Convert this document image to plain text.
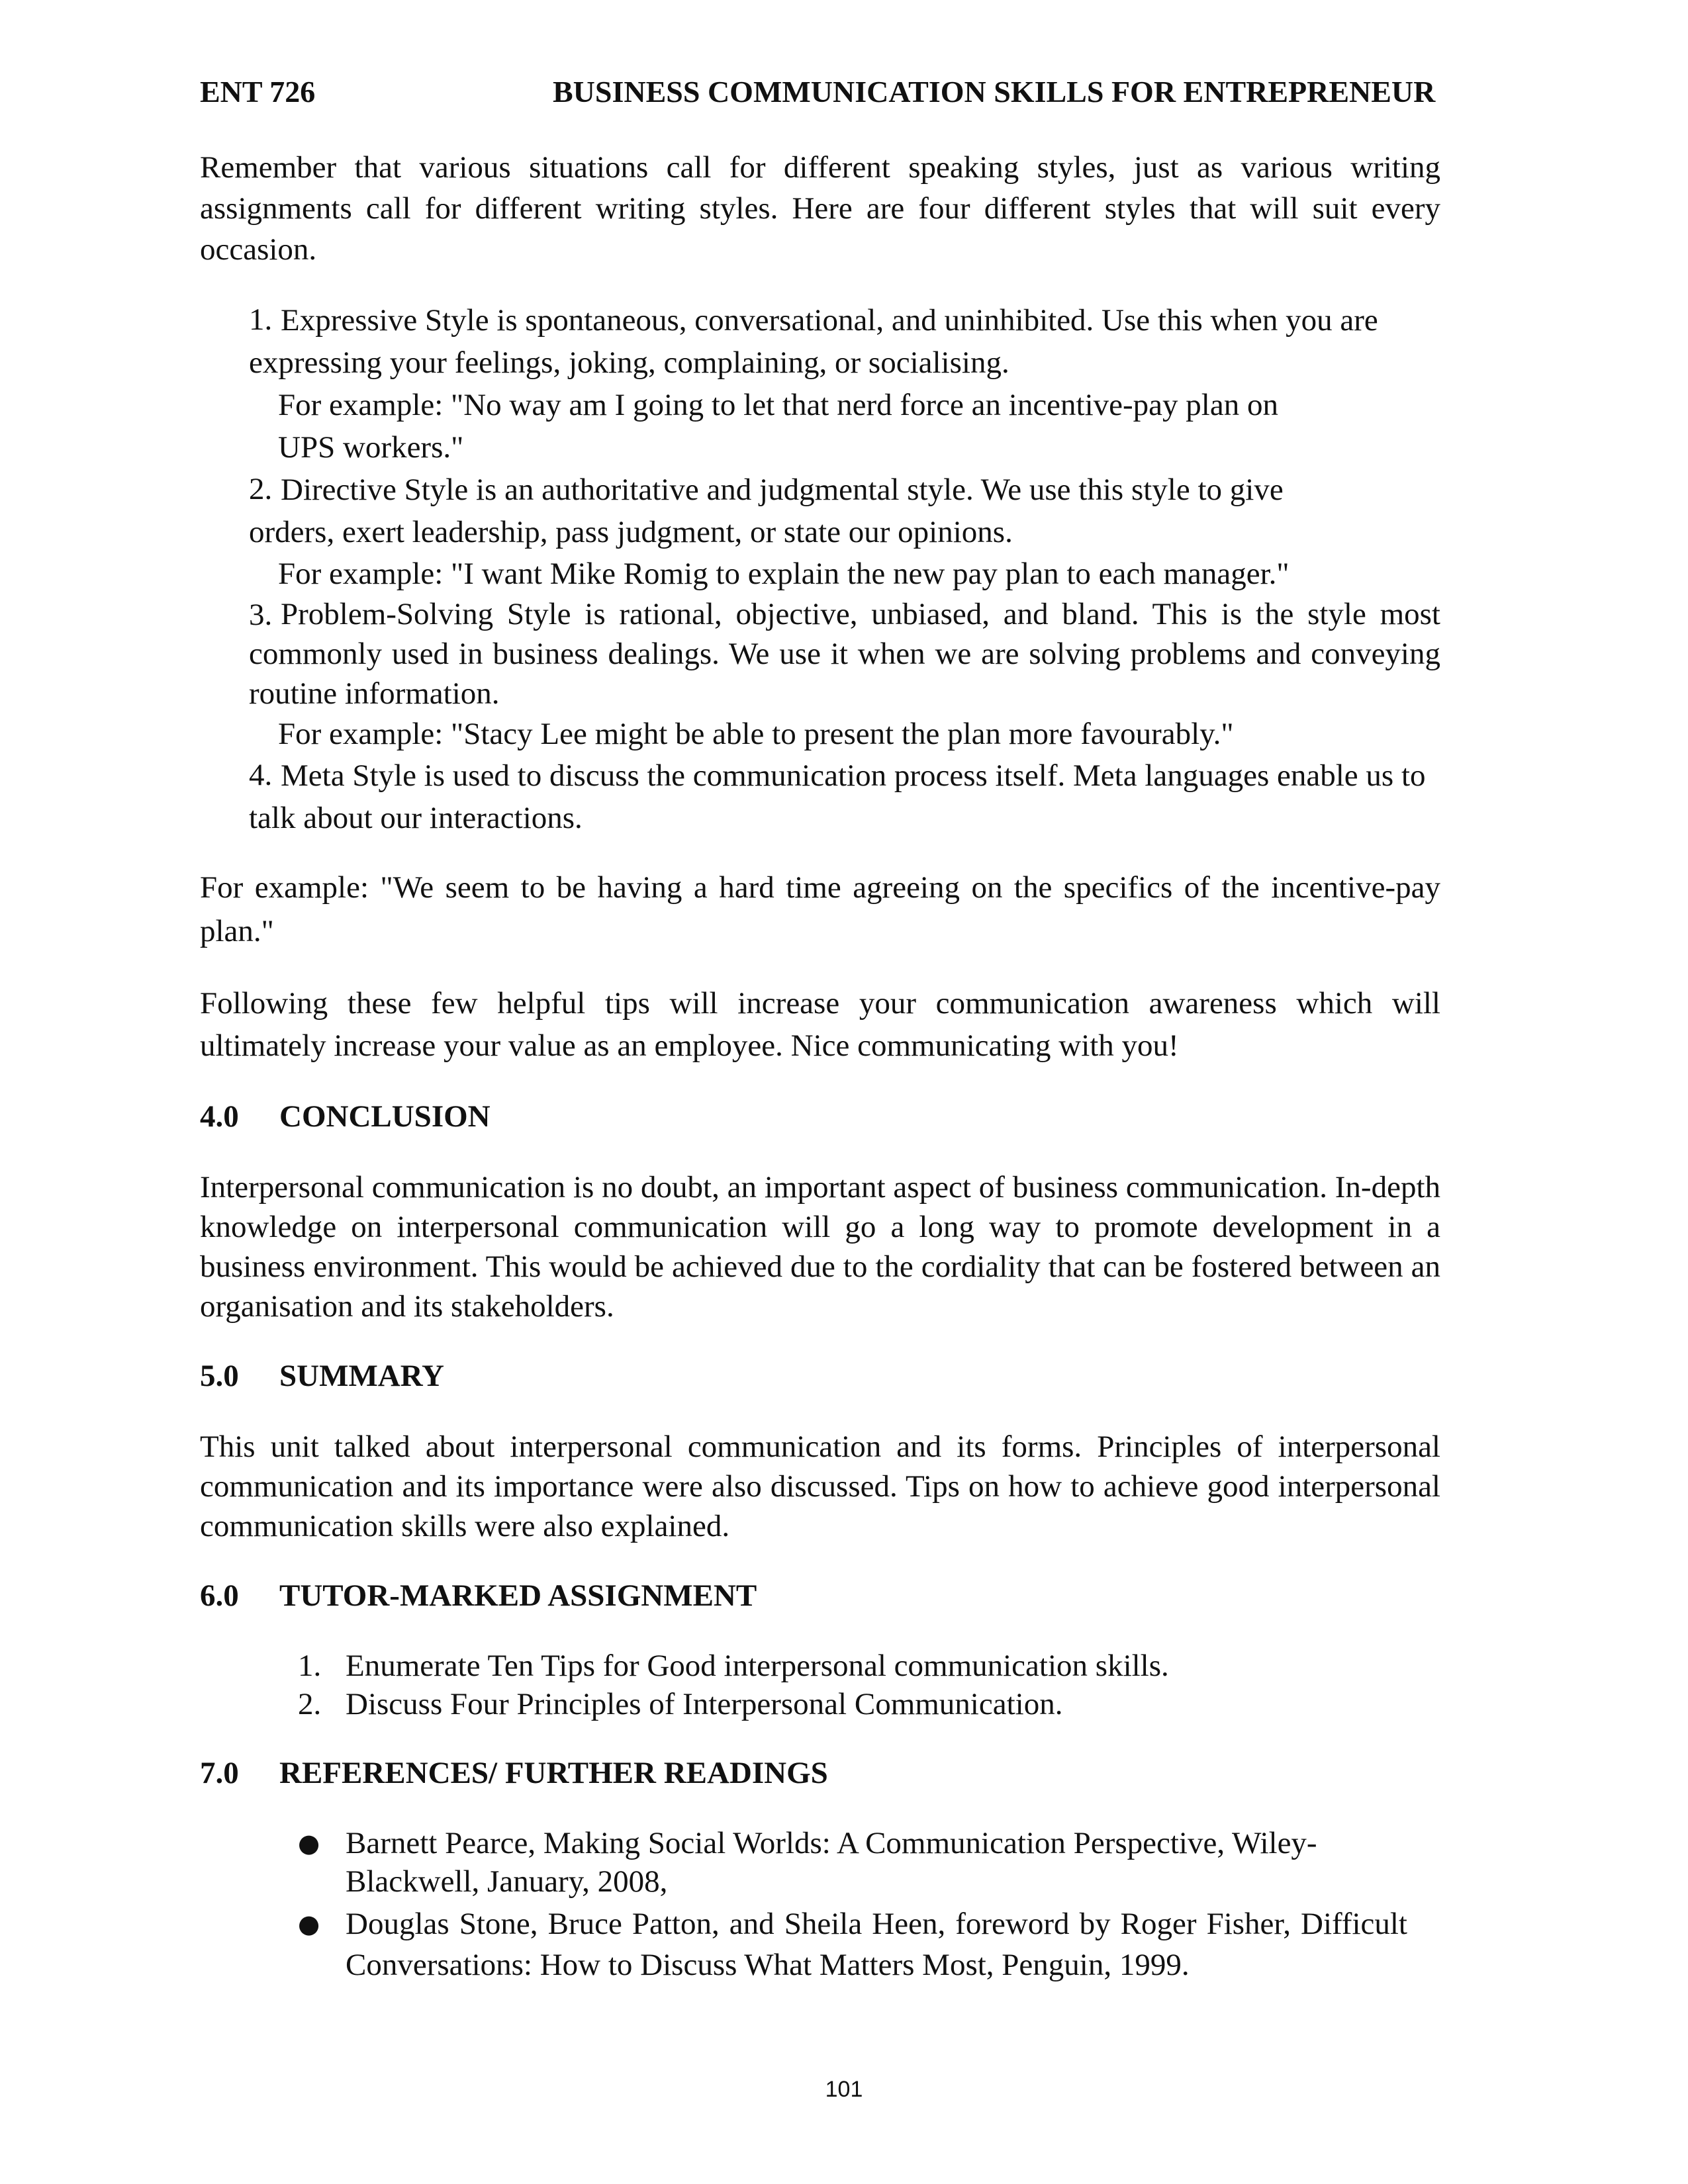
ENT 726	BUSINESS COMMUNICATION SKILLS FOR ENTREPRENEUR

Remember that various situations call for different speaking styles, just as various writing assignments call for different writing styles. Here are four different styles that will suit every occasion.

1. Expressive Style is spontaneous, conversational, and uninhibited. Use this when you are expressing your feelings, joking, complaining, or socialising.
For example: "No way am I going to let that nerd force an incentive-pay plan on UPS workers."
2. Directive Style is an authoritative and judgmental style. We use this style to give orders, exert leadership, pass judgment, or state our opinions.
For example: "I want Mike Romig to explain the new pay plan to each manager."
3. Problem-Solving Style is rational, objective, unbiased, and bland. This is the style most commonly used in business dealings. We use it when we are solving problems and conveying routine information.
For example: "Stacy Lee might be able to present the plan more favourably."
4. Meta Style is used to discuss the communication process itself. Meta languages enable us to talk about our interactions.

For example: "We seem to be having a hard time agreeing on the specifics of the incentive-pay plan."

Following these few helpful tips will increase your communication awareness which will ultimately increase your value as an employee. Nice communicating with you!

4.0 CONCLUSION

Interpersonal communication is no doubt, an important aspect of business communication. In-depth knowledge on interpersonal communication will go a long way to promote development in a business environment. This would be achieved due to the cordiality that can be fostered between an organisation and its stakeholders.

5.0 SUMMARY

This unit talked about interpersonal communication and its forms. Principles of interpersonal communication and its importance were also discussed. Tips on how to achieve good interpersonal communication skills were also explained.

6.0 TUTOR-MARKED ASSIGNMENT
1. Enumerate Ten Tips for Good interpersonal communication skills.
2. Discuss Four Principles of Interpersonal Communication.
7.0 REFERENCES/ FURTHER READINGS
● Barnett Pearce, Making Social Worlds: A Communication Perspective, Wiley-Blackwell, January, 2008,
● Douglas Stone, Bruce Patton, and Sheila Heen, foreword by Roger Fisher, Difficult Conversations: How to Discuss What Matters Most, Penguin, 1999.
101
